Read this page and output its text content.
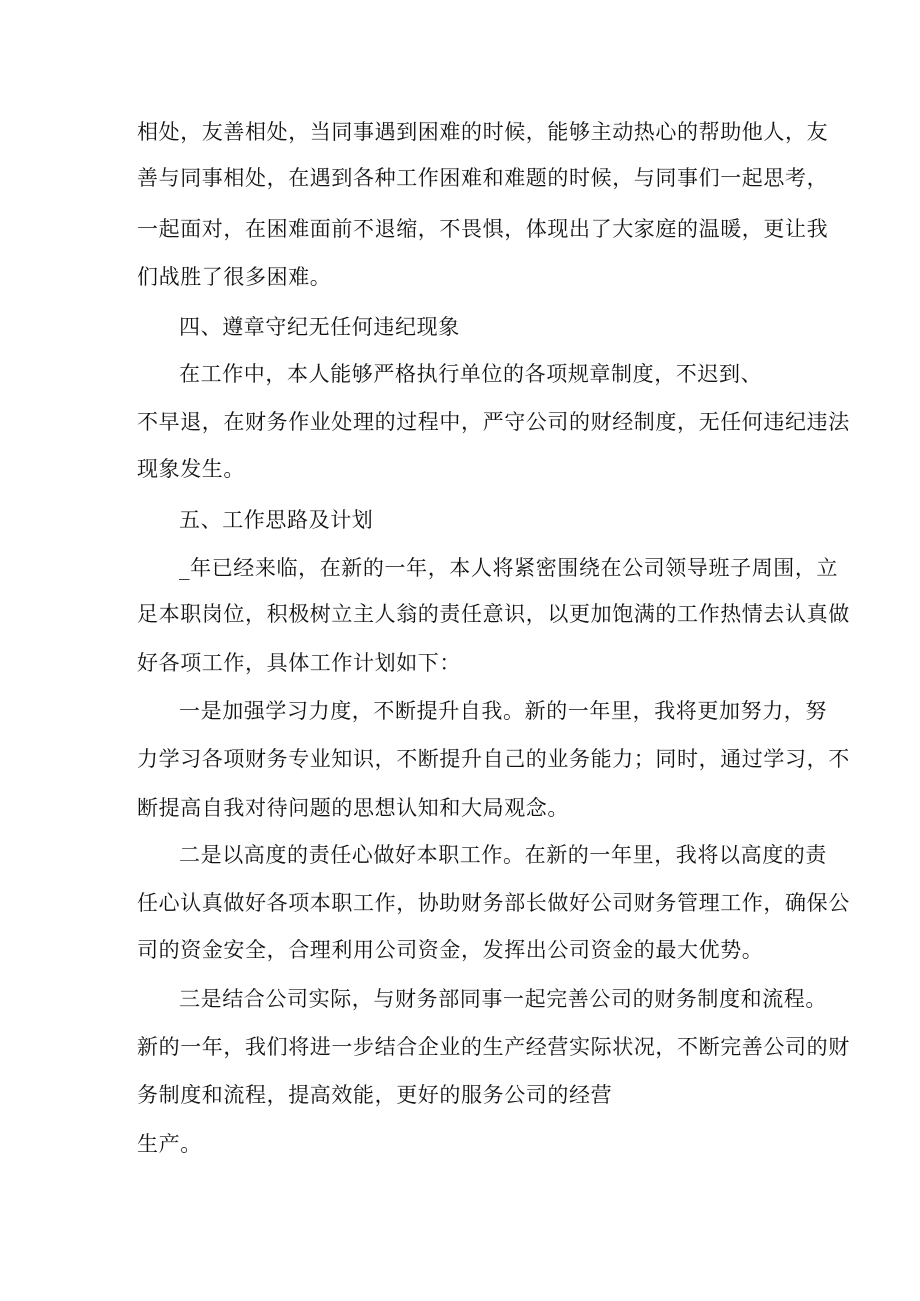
相处，友善相处，当同事遇到困难的时候，能够主动热心的帮助他人，友

善与同事相处，在遇到各种工作困难和难题的时候，与同事们一起思考，

一起面对，在困难面前不退缩，不畏惧，体现出了大家庭的温暖，更让我

们战胜了很多困难。

四、遵章守纪无任何违纪现象

在工作中，本人能够严格执行单位的各项规章制度，不迟到、

不早退，在财务作业处理的过程中，严守公司的财经制度，无任何违纪违法

现象发生。

五、工作思路及计划

_年已经来临，在新的一年，本人将紧密围绕在公司领导班子周围，立

足本职岗位，积极树立主人翁的责任意识，以更加饱满的工作热情去认真做

好各项工作，具体工作计划如下：

一是加强学习力度，不断提升自我。新的一年里，我将更加努力，努

力学习各项财务专业知识，不断提升自己的业务能力；同时，通过学习，不

断提高自我对待问题的思想认知和大局观念。

二是以高度的责任心做好本职工作。在新的一年里，我将以高度的责

任心认真做好各项本职工作，协助财务部长做好公司财务管理工作，确保公

司的资金安全，合理利用公司资金，发挥出公司资金的最大优势。

三是结合公司实际，与财务部同事一起完善公司的财务制度和流程。

新的一年，我们将进一步结合企业的生产经营实际状况，不断完善公司的财

务制度和流程，提高效能，更好的服务公司的经营

生产。
